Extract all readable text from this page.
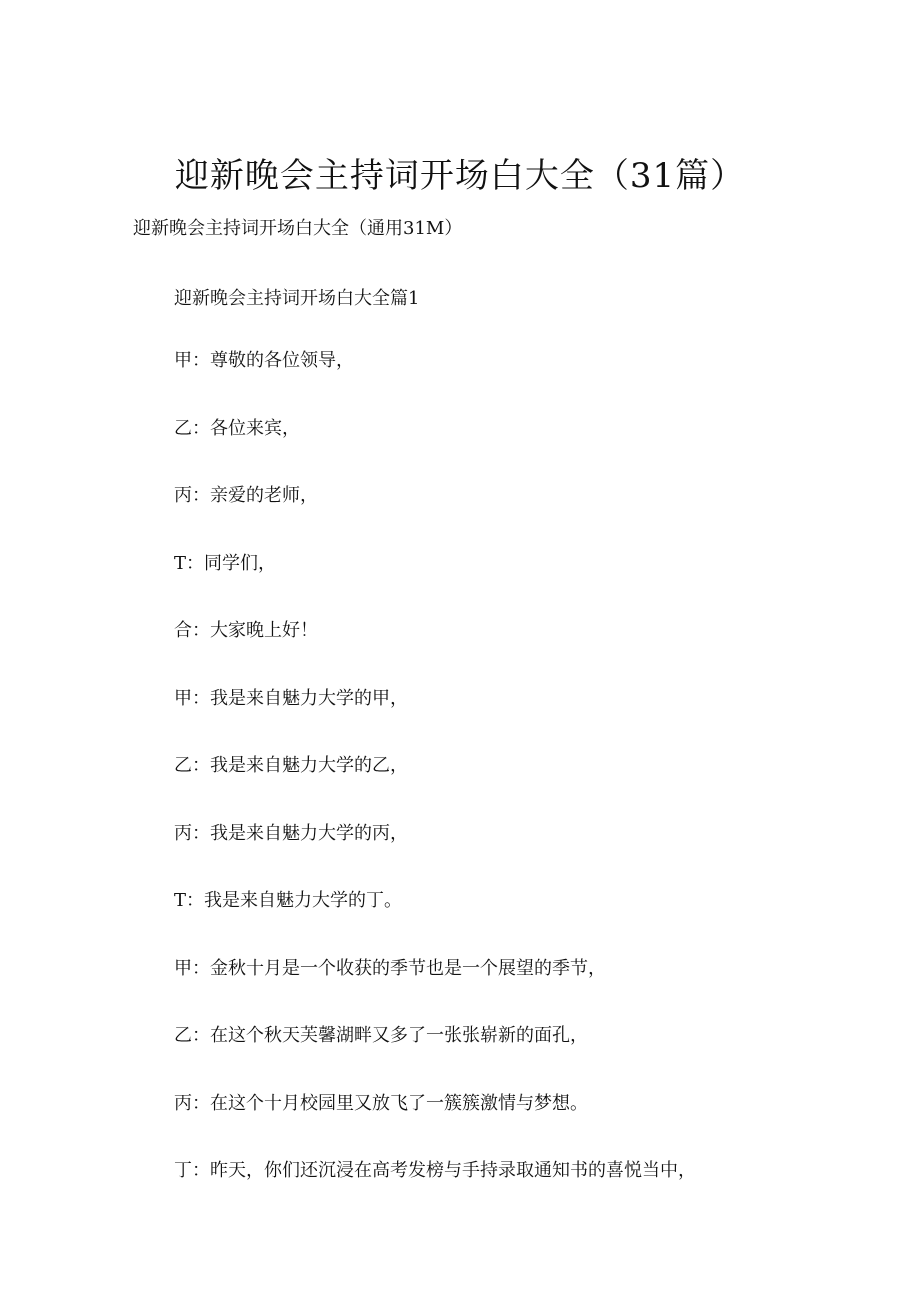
迎新晚会主持词开场白大全（31篇）
迎新晚会主持词开场白大全（通用31M）
迎新晚会主持词开场白大全篇1
甲：尊敬的各位领导，
乙：各位来宾，
丙：亲爱的老师，
T：同学们，
合：大家晚上好！
甲：我是来自魅力大学的甲，
乙：我是来自魅力大学的乙，
丙：我是来自魅力大学的丙，
T：我是来自魅力大学的丁。
甲：金秋十月是一个收获的季节也是一个展望的季节，
乙：在这个秋天芙馨湖畔又多了一张张崭新的面孔，
丙：在这个十月校园里又放飞了一簇簇激情与梦想。
丁：昨天，你们还沉浸在高考发榜与手持录取通知书的喜悦当中，
